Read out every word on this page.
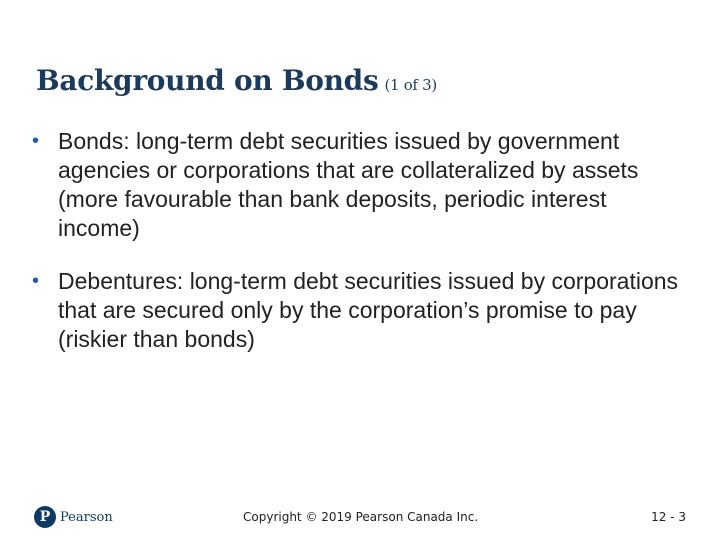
Background on Bonds (1 of 3)
• Bonds: long-term debt securities issued by government agencies or corporations that are collateralized by assets (more favourable than bank deposits, periodic interest income)
• Debentures: long-term debt securities issued by corporations that are secured only by the corporation’s promise to pay (riskier than bonds)
P Pearson	Copyright © 2019 Pearson Canada Inc.	12 - 3
